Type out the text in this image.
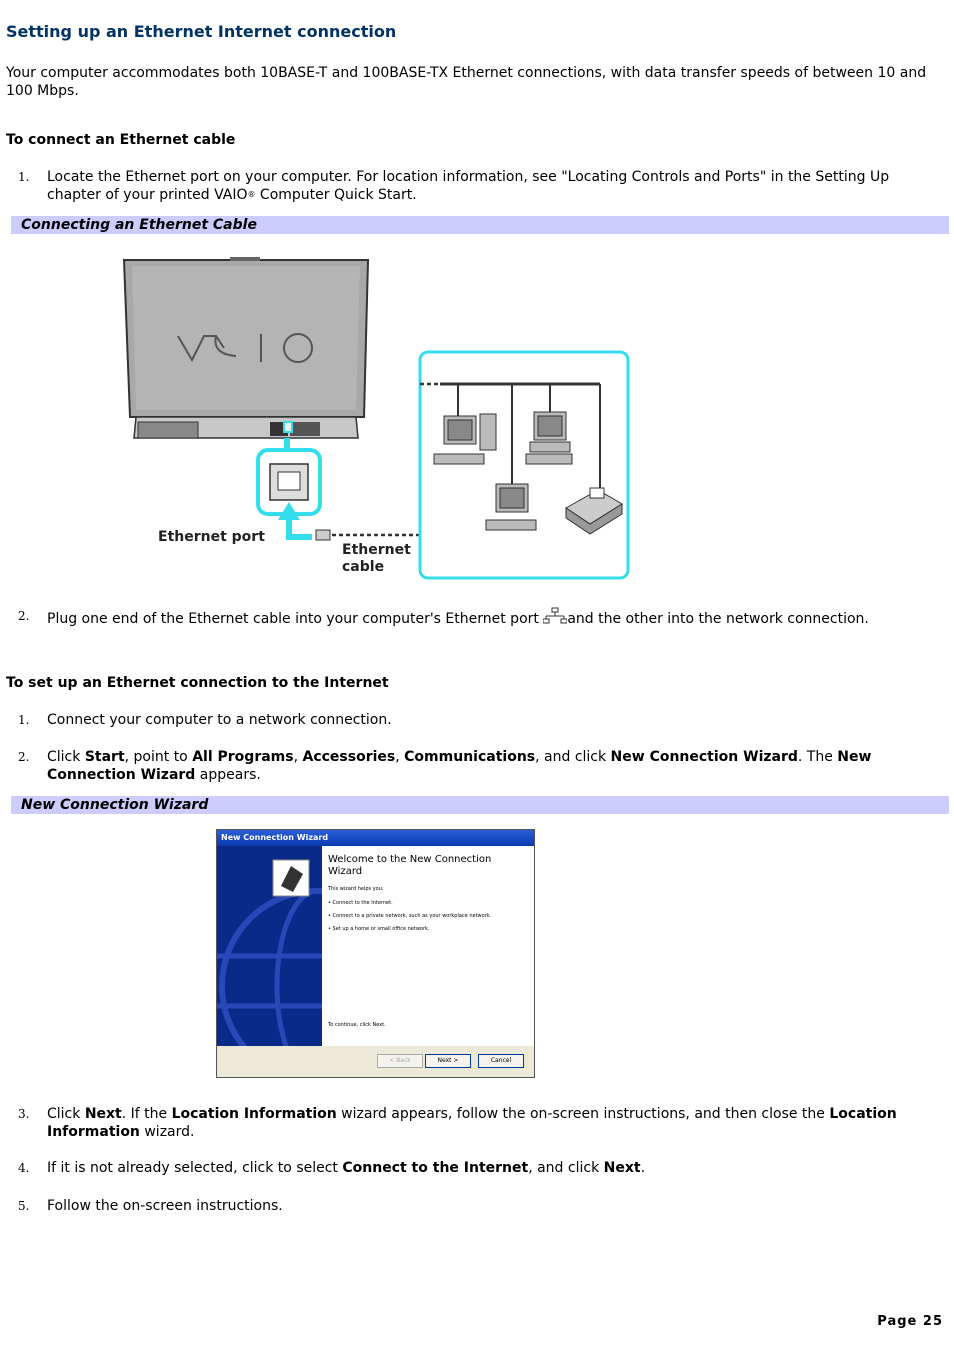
Setting up an Ethernet Internet connection
Your computer accommodates both 10BASE-T and 100BASE-TX Ethernet connections, with data transfer speeds of between 10 and 100 Mbps.
To connect an Ethernet cable
1. Locate the Ethernet port on your computer. For location information, see "Locating Controls and Ports" in the Setting Up chapter of your printed VAIO® Computer Quick Start.
Connecting an Ethernet Cable
Ethernet port
Ethernet
cable
2. Plug one end of the Ethernet cable into your computer's Ethernet port and the other into the network connection.
To set up an Ethernet connection to the Internet
1. Connect your computer to a network connection.
2. Click Start, point to All Programs, Accessories, Communications, and click New Connection Wizard. The New Connection Wizard appears.
New Connection Wizard
New Connection Wizard
Welcome to the New Connection Wizard
This wizard helps you:
• Connect to the Internet.
• Connect to a private network, such as your workplace network.
• Set up a home or small office network.
To continue, click Next.
< Back	Next >	Cancel
3. Click Next. If the Location Information wizard appears, follow the on-screen instructions, and then close the Location Information wizard.
4. If it is not already selected, click to select Connect to the Internet, and click Next.
5. Follow the on-screen instructions.
Page 25
